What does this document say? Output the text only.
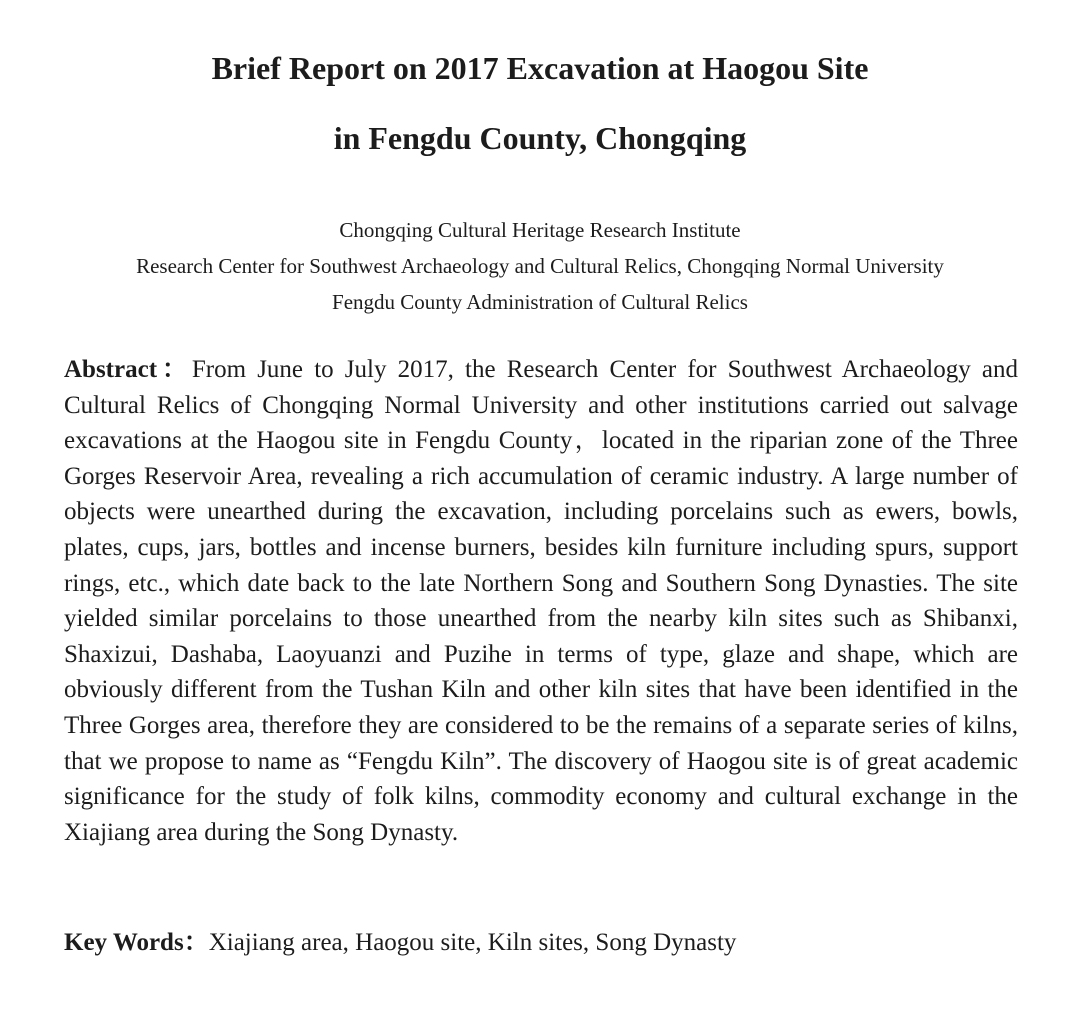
Brief Report on 2017 Excavation at Haogou Site
in Fengdu County, Chongqing
Chongqing Cultural Heritage Research Institute
Research Center for Southwest Archaeology and Cultural Relics, Chongqing Normal University
Fengdu County Administration of Cultural Relics

Abstract：From June to July 2017, the Research Center for Southwest Archaeology and Cultural Relics of Chongqing Normal University and other institutions carried out salvage excavations at the Haogou site in Fengdu County，located in the riparian zone of the Three Gorges Reservoir Area, revealing a rich accumulation of ceramic industry. A large number of objects were unearthed during the excavation, including porcelains such as ewers, bowls, plates, cups, jars, bottles and incense burners, besides kiln furniture including spurs, support rings, etc., which date back to the late Northern Song and Southern Song Dynasties. The site yielded similar porcelains to those unearthed from the nearby kiln sites such as Shibanxi, Shaxizui, Dashaba, Laoyuanzi and Puzihe in terms of type, glaze and shape, which are obviously different from the Tushan Kiln and other kiln sites that have been identified in the Three Gorges area, therefore they are considered to be the remains of a separate series of kilns, that we propose to name as “Fengdu Kiln”. The discovery of Haogou site is of great academic significance for the study of folk kilns, commodity economy and cultural exchange in the Xiajiang area during the Song Dynasty.

Key Words：Xiajiang area, Haogou site, Kiln sites, Song Dynasty
